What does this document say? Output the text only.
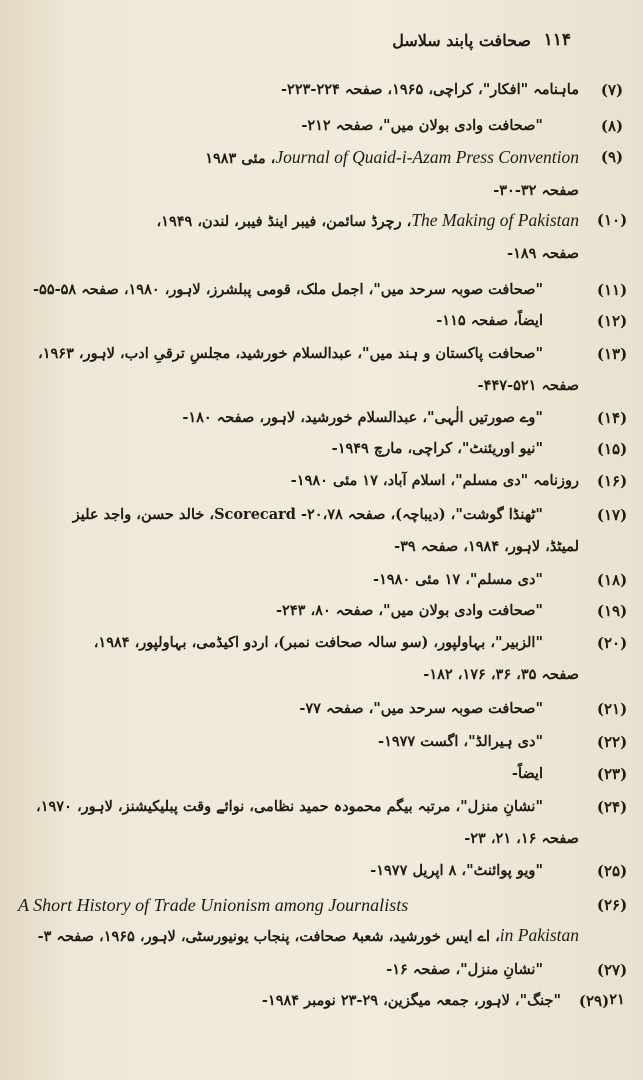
۱۱۴
صحافت پابند سلاسل
(۷)
ماہنامہ "افکار"، کراچی، ۱۹۶۵، صفحہ ۲۲۴-۲۲۳-
(۸)
"صحافت وادی بولان میں"، صفحہ ۲۱۲-
(۹)
Journal of Quaid-i-Azam Press Convention، مئی ۱۹۸۳
صفحہ ۳۲-۳۰-
(۱۰)
The Making of Pakistan، رچرڈ سائمن، فیبر اینڈ فیبر، لندن، ۱۹۴۹،
صفحہ ۱۸۹-
(۱۱)
"صحافت صوبہ سرحد میں"، اجمل ملک، قومی پبلشرز، لاہور، ۱۹۸۰، صفحہ ۵۸-۵۵-
(۱۲)
ایضاً، صفحہ ۱۱۵-
(۱۳)
"صحافت پاکستان و ہند میں"، عبدالسلام خورشید، مجلسِ ترقیِ ادب، لاہور، ۱۹۶۳،
صفحہ ۵۲۱-۴۴۷-
(۱۴)
"وے صورتیں الٰہی"، عبدالسلام خورشید، لاہور، صفحہ ۱۸۰-
(۱۵)
"نیو اوریئنٹ"، کراچی، مارچ ۱۹۴۹-
(۱۶)
روزنامہ "دی مسلم"، اسلام آباد، ۱۷ مئی ۱۹۸۰-
(۱۷)
"ٹھنڈا گوشت"، (دیباچہ)، صفحہ ۲۰،۷۸- Scorecard، خالد حسن، واجد علیز
لمیٹڈ، لاہور، ۱۹۸۴، صفحہ ۳۹-
(۱۸)
"دی مسلم"، ۱۷ مئی ۱۹۸۰-
(۱۹)
"صحافت وادی بولان میں"، صفحہ ۸۰، ۲۴۳-
(۲۰)
"الزبیر"، بہاولپور، (سو سالہ صحافت نمبر)، اردو اکیڈمی، بہاولپور، ۱۹۸۴،
صفحہ ۳۵، ۳۶، ۱۷۶، ۱۸۲-
(۲۱)
"صحافت صوبہ سرحد میں"، صفحہ ۷۷-
(۲۲)
"دی ہیرالڈ"، اگست ۱۹۷۷-
(۲۳)
ایضاً-
(۲۴)
"نشانِ منزل"، مرتبہ بیگم محمودہ حمید نظامی، نوائے وقت پبلیکیشنز، لاہور، ۱۹۷۰،
صفحہ ۱۶، ۲۱، ۲۳-
(۲۵)
"ویو پوائنٹ"، ۸ اپریل ۱۹۷۷-
(۲۶)
A Short History of Trade Unionism among Journalists
in Pakistan، اے ایس خورشید، شعبۂ صحافت، پنجاب یونیورسٹی، لاہور، ۱۹۶۵، صفحہ ۳-
(۲۷)
"نشانِ منزل"، صفحہ ۱۶-
(۲۹)
"جنگ"، لاہور، جمعہ میگزین، ۲۹-۲۳ نومبر ۱۹۸۴-	۲۱
